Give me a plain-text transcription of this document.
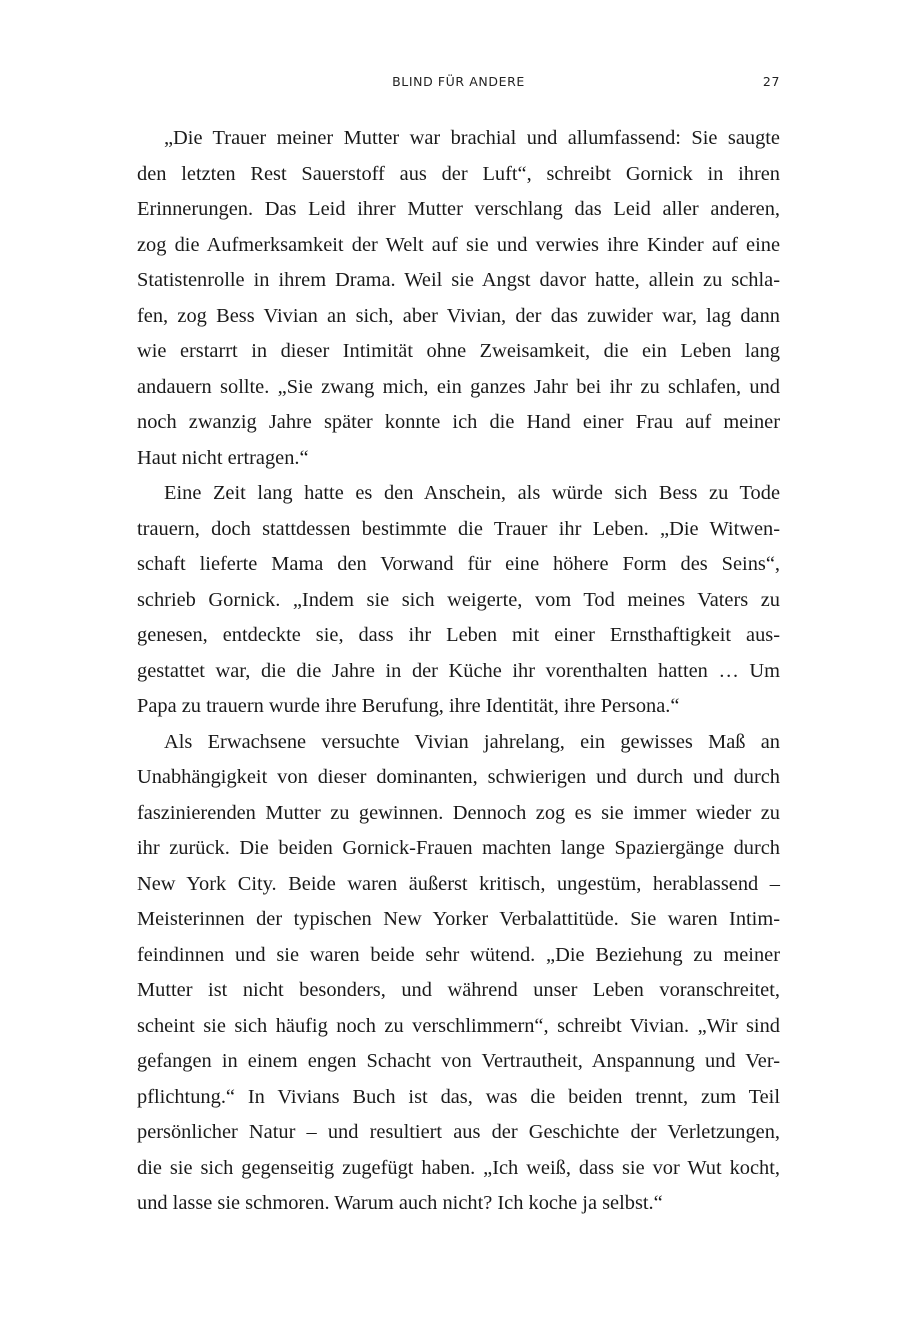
BLIND FÜR ANDERE	27
„Die Trauer meiner Mutter war brachial und allumfassend: Sie saugte
den letzten Rest Sauerstoff aus der Luft“, schreibt Gornick in ihren
Erinnerungen. Das Leid ihrer Mutter verschlang das Leid aller anderen,
zog die Aufmerksamkeit der Welt auf sie und verwies ihre Kinder auf eine
Statistenrolle in ihrem Drama. Weil sie Angst davor hatte, allein zu schla-
fen, zog Bess Vivian an sich, aber Vivian, der das zuwider war, lag dann
wie erstarrt in dieser Intimität ohne Zweisamkeit, die ein Leben lang
andauern sollte. „Sie zwang mich, ein ganzes Jahr bei ihr zu schlafen, und
noch zwanzig Jahre später konnte ich die Hand einer Frau auf meiner
Haut nicht ertragen.“
Eine Zeit lang hatte es den Anschein, als würde sich Bess zu Tode
trauern, doch stattdessen bestimmte die Trauer ihr Leben. „Die Witwen-
schaft lieferte Mama den Vorwand für eine höhere Form des Seins“,
schrieb Gornick. „Indem sie sich weigerte, vom Tod meines Vaters zu
genesen, entdeckte sie, dass ihr Leben mit einer Ernsthaftigkeit aus-
gestattet war, die die Jahre in der Küche ihr vorenthalten hatten … Um
Papa zu trauern wurde ihre Berufung, ihre Identität, ihre Persona.“
Als Erwachsene versuchte Vivian jahrelang, ein gewisses Maß an
Unabhängigkeit von dieser dominanten, schwierigen und durch und durch
faszinierenden Mutter zu gewinnen. Dennoch zog es sie immer wieder zu
ihr zurück. Die beiden Gornick-Frauen machten lange Spaziergänge durch
New York City. Beide waren äußerst kritisch, ungestüm, herablassend –
Meisterinnen der typischen New Yorker Verbalattitüde. Sie waren Intim-
feindinnen und sie waren beide sehr wütend. „Die Beziehung zu meiner
Mutter ist nicht besonders, und während unser Leben voranschreitet,
scheint sie sich häufig noch zu verschlimmern“, schreibt Vivian. „Wir sind
gefangen in einem engen Schacht von Vertrautheit, Anspannung und Ver-
pflichtung.“ In Vivians Buch ist das, was die beiden trennt, zum Teil
persönlicher Natur – und resultiert aus der Geschichte der Verletzungen,
die sie sich gegenseitig zugefügt haben. „Ich weiß, dass sie vor Wut kocht,
und lasse sie schmoren. Warum auch nicht? Ich koche ja selbst.“
